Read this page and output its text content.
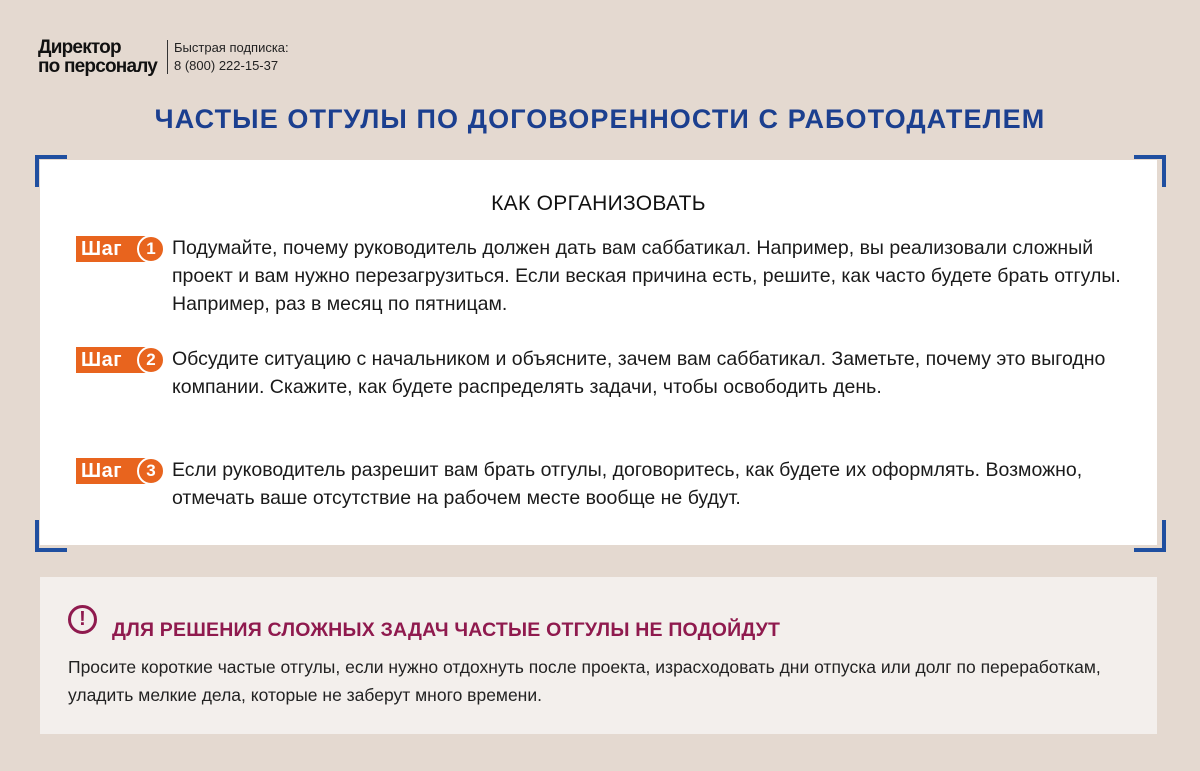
Директор
по персоналу
Быстрая подписка:
8 (800) 222-15-37
ЧАСТЫЕ ОТГУЛЫ ПО ДОГОВОРЕННОСТИ С РАБОТОДАТЕЛЕМ
КАК ОРГАНИЗОВАТЬ
Шаг	1 Подумайте, почему руководитель должен дать вам саббатикал. Например, вы реализовали сложный проект и вам нужно перезагрузиться. Если веская причина есть, решите, как часто будете брать отгулы. Например, раз в месяц по пятницам.
Шаг	2 Обсудите ситуацию с начальником и объясните, зачем вам саббатикал. Заметьте, почему это выгодно компании. Скажите, как будете распределять задачи, чтобы освободить день.
Шаг	3 Если руководитель разрешит вам брать отгулы, договоритесь, как будете их оформлять. Возможно, отмечать ваше отсутствие на рабочем месте вообще не будут.
!	ДЛЯ РЕШЕНИЯ СЛОЖНЫХ ЗАДАЧ ЧАСТЫЕ ОТГУЛЫ НЕ ПОДОЙДУТ
Просите короткие частые отгулы, если нужно отдохнуть после проекта, израсходовать дни отпуска или долг по переработкам, уладить мелкие дела, которые не заберут много времени.
